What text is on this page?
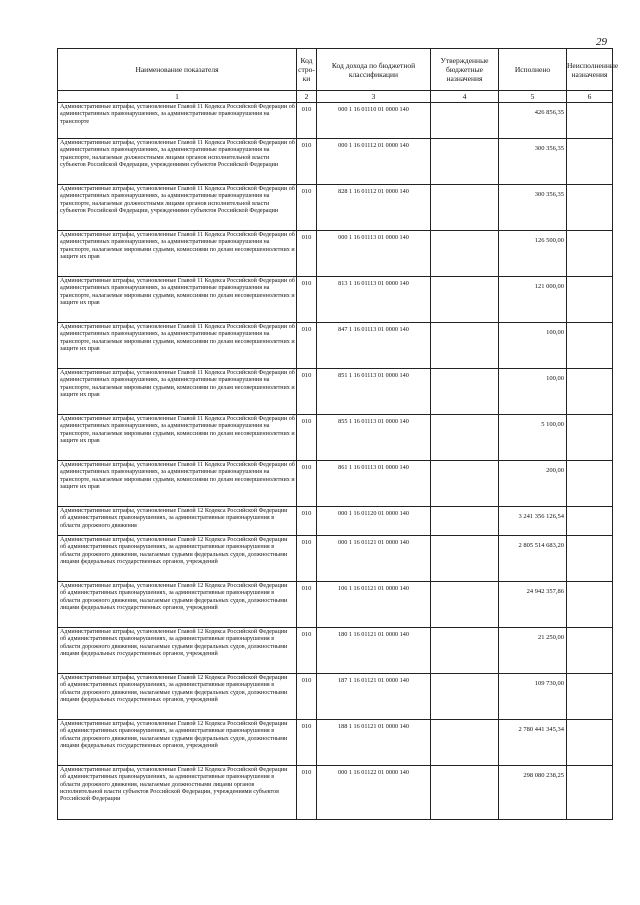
29
Наименование показателя	Код стро-ки	Код дохода по бюджетной классификации	Утвержденные бюджетные назначения	Исполнено	Неисполненные назначения
1	2	3	4	5	6
Административные штрафы, установленные Главой 11 Кодекса Российской Федерации об административных правонарушениях, за административные правонарушения на транспорте	010	000 1 16 01110 01 0000 140		426 856,35	
Административные штрафы, установленные Главой 11 Кодекса Российской Федерации об административных правонарушениях, за административные правонарушения на транспорте, налагаемые должностными лицами органов исполнительной власти субъектов Российской Федерации, учреждениями субъектов Российской Федерации	010	000 1 16 01112 01 0000 140		300 356,35	
Административные штрафы, установленные Главой 11 Кодекса Российской Федерации об административных правонарушениях, за административные правонарушения на транспорте, налагаемые должностными лицами органов исполнительной власти субъектов Российской Федерации, учреждениями субъектов Российской Федерации	010	828 1 16 01112 01 0000 140		300 356,35	
Административные штрафы, установленные Главой 11 Кодекса Российской Федерации об административных правонарушениях, за административные правонарушения на транспорте, налагаемые мировыми судьями, комиссиями по делам несовершеннолетних и защите их прав	010	000 1 16 01113 01 0000 140		126 500,00	
Административные штрафы, установленные Главой 11 Кодекса Российской Федерации об административных правонарушениях, за административные правонарушения на транспорте, налагаемые мировыми судьями, комиссиями по делам несовершеннолетних и защите их прав	010	813 1 16 01113 01 0000 140		121 000,00	
Административные штрафы, установленные Главой 11 Кодекса Российской Федерации об административных правонарушениях, за административные правонарушения на транспорте, налагаемые мировыми судьями, комиссиями по делам несовершеннолетних и защите их прав	010	847 1 16 01113 01 0000 140		100,00	
Административные штрафы, установленные Главой 11 Кодекса Российской Федерации об административных правонарушениях, за административные правонарушения на транспорте, налагаемые мировыми судьями, комиссиями по делам несовершеннолетних и защите их прав	010	851 1 16 01113 01 0000 140		100,00	
Административные штрафы, установленные Главой 11 Кодекса Российской Федерации об административных правонарушениях, за административные правонарушения на транспорте, налагаемые мировыми судьями, комиссиями по делам несовершеннолетних и защите их прав	010	855 1 16 01113 01 0000 140		5 100,00	
Административные штрафы, установленные Главой 11 Кодекса Российской Федерации об административных правонарушениях, за административные правонарушения на транспорте, налагаемые мировыми судьями, комиссиями по делам несовершеннолетних и защите их прав	010	861 1 16 01113 01 0000 140		200,00	
Административные штрафы, установленные Главой 12 Кодекса Российской Федерации об административных правонарушениях, за административные правонарушения в области дорожного движения	010	000 1 16 01120 01 0000 140		3 241 356 126,54	
Административные штрафы, установленные Главой 12 Кодекса Российской Федерации об административных правонарушениях, за административные правонарушения в области дорожного движения, налагаемые судьями федеральных судов, должностными лицами федеральных государственных органов, учреждений	010	000 1 16 01121 01 0000 140		2 805 514 683,20	
Административные штрафы, установленные Главой 12 Кодекса Российской Федерации об административных правонарушениях, за административные правонарушения в области дорожного движения, налагаемые судьями федеральных судов, должностными лицами федеральных государственных органов, учреждений	010	106 1 16 01121 01 0000 140		24 942 357,86	
Административные штрафы, установленные Главой 12 Кодекса Российской Федерации об административных правонарушениях, за административные правонарушения в области дорожного движения, налагаемые судьями федеральных судов, должностными лицами федеральных государственных органов, учреждений	010	180 1 16 01121 01 0000 140		21 250,00	
Административные штрафы, установленные Главой 12 Кодекса Российской Федерации об административных правонарушениях, за административные правонарушения в области дорожного движения, налагаемые судьями федеральных судов, должностными лицами федеральных государственных органов, учреждений	010	187 1 16 01121 01 0000 140		109 730,00	
Административные штрафы, установленные Главой 12 Кодекса Российской Федерации об административных правонарушениях, за административные правонарушения в области дорожного движения, налагаемые судьями федеральных судов, должностными лицами федеральных государственных органов, учреждений	010	188 1 16 01121 01 0000 140		2 780 441 345,34	
Административные штрафы, установленные Главой 12 Кодекса Российской Федерации об административных правонарушениях, за административные правонарушения в области дорожного движения, налагаемые должностными лицами органов исполнительной власти субъектов Российской Федерации, учреждениями субъектов Российской Федерации	010	000 1 16 01122 01 0000 140		298 080 238,25	
